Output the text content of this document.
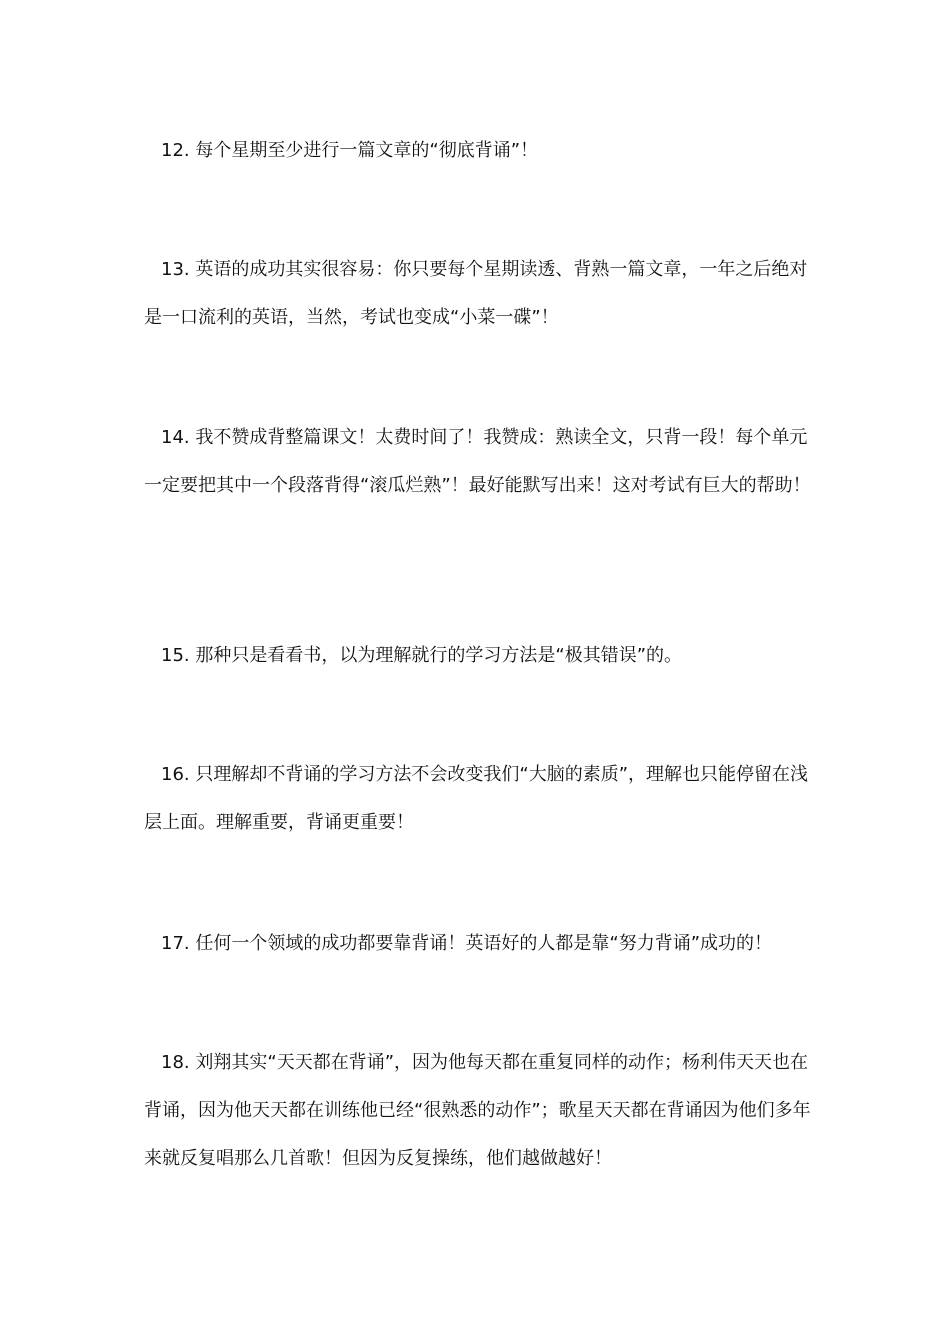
12. 每个星期至少进行一篇文章的“彻底背诵”！

13. 英语的成功其实很容易：你只要每个星期读透、背熟一篇文章，一年之后绝对是一口流利的英语，当然，考试也变成“小菜一碟”！

14. 我不赞成背整篇课文！太费时间了！我赞成：熟读全文，只背一段！每个单元一定要把其中一个段落背得“滚瓜烂熟”！最好能默写出来！这对考试有巨大的帮助！

15. 那种只是看看书，以为理解就行的学习方法是“极其错误”的。

16. 只理解却不背诵的学习方法不会改变我们“大脑的素质”，理解也只能停留在浅层上面。理解重要，背诵更重要！

17. 任何一个领域的成功都要靠背诵！英语好的人都是靠“努力背诵”成功的！

18. 刘翔其实“天天都在背诵”，因为他每天都在重复同样的动作；杨利伟天天也在背诵，因为他天天都在训练他已经“很熟悉的动作”；歌星天天都在背诵因为他们多年来就反复唱那么几首歌！但因为反复操练，他们越做越好！
